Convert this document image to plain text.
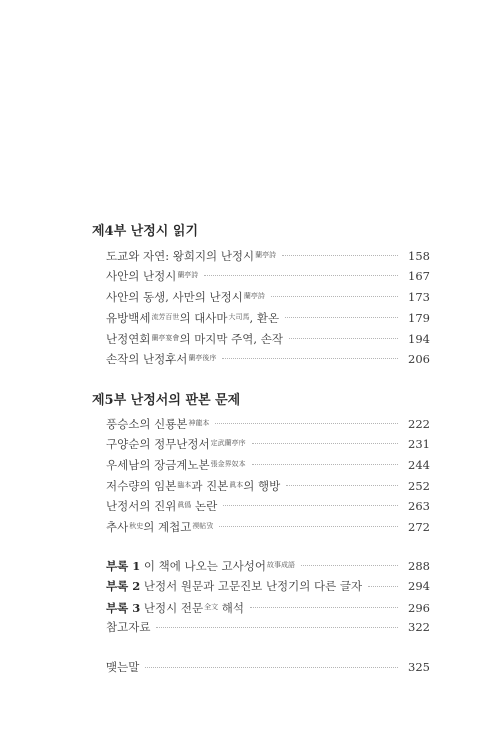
제4부 난정시 읽기
도교와 자연: 왕희지의 난정시$^{蘭亭詩}$	158
사안의 난정시$^{蘭亭詩}$	167
사안의 동생, 사만의 난정시$^{蘭亭詩}$	173
유방백세$^{流芳百世}$의 대사마$^{大司馬}$, 환온	179
난정연회$^{蘭亭宴會}$의 마지막 주역, 손작	194
손작의 난정후서$^{蘭亭後序}$	206
제5부 난정서의 판본 문제
풍승소의 신룡본$^{神龍本}$	222
구양순의 정무난정서$^{定武蘭亭序}$	231
우세남의 장금계노본$^{張金界奴本}$	244
저수량의 임본$^{臨本}$과 진본$^{眞本}$의 행방	252
난정서의 진위$^{眞僞}$ 논란	263
추사$^{秋史}$의 계첩고$^{禊帖攷}$	272
부록 1 이 책에 나오는 고사성어$^{故事成語}$	288
부록 2 난정서 원문과 고문진보 난정기의 다른 글자	294
부록 3 난정시 전문$^{全文}$ 해석	296
참고자료	322
맺는말	325
